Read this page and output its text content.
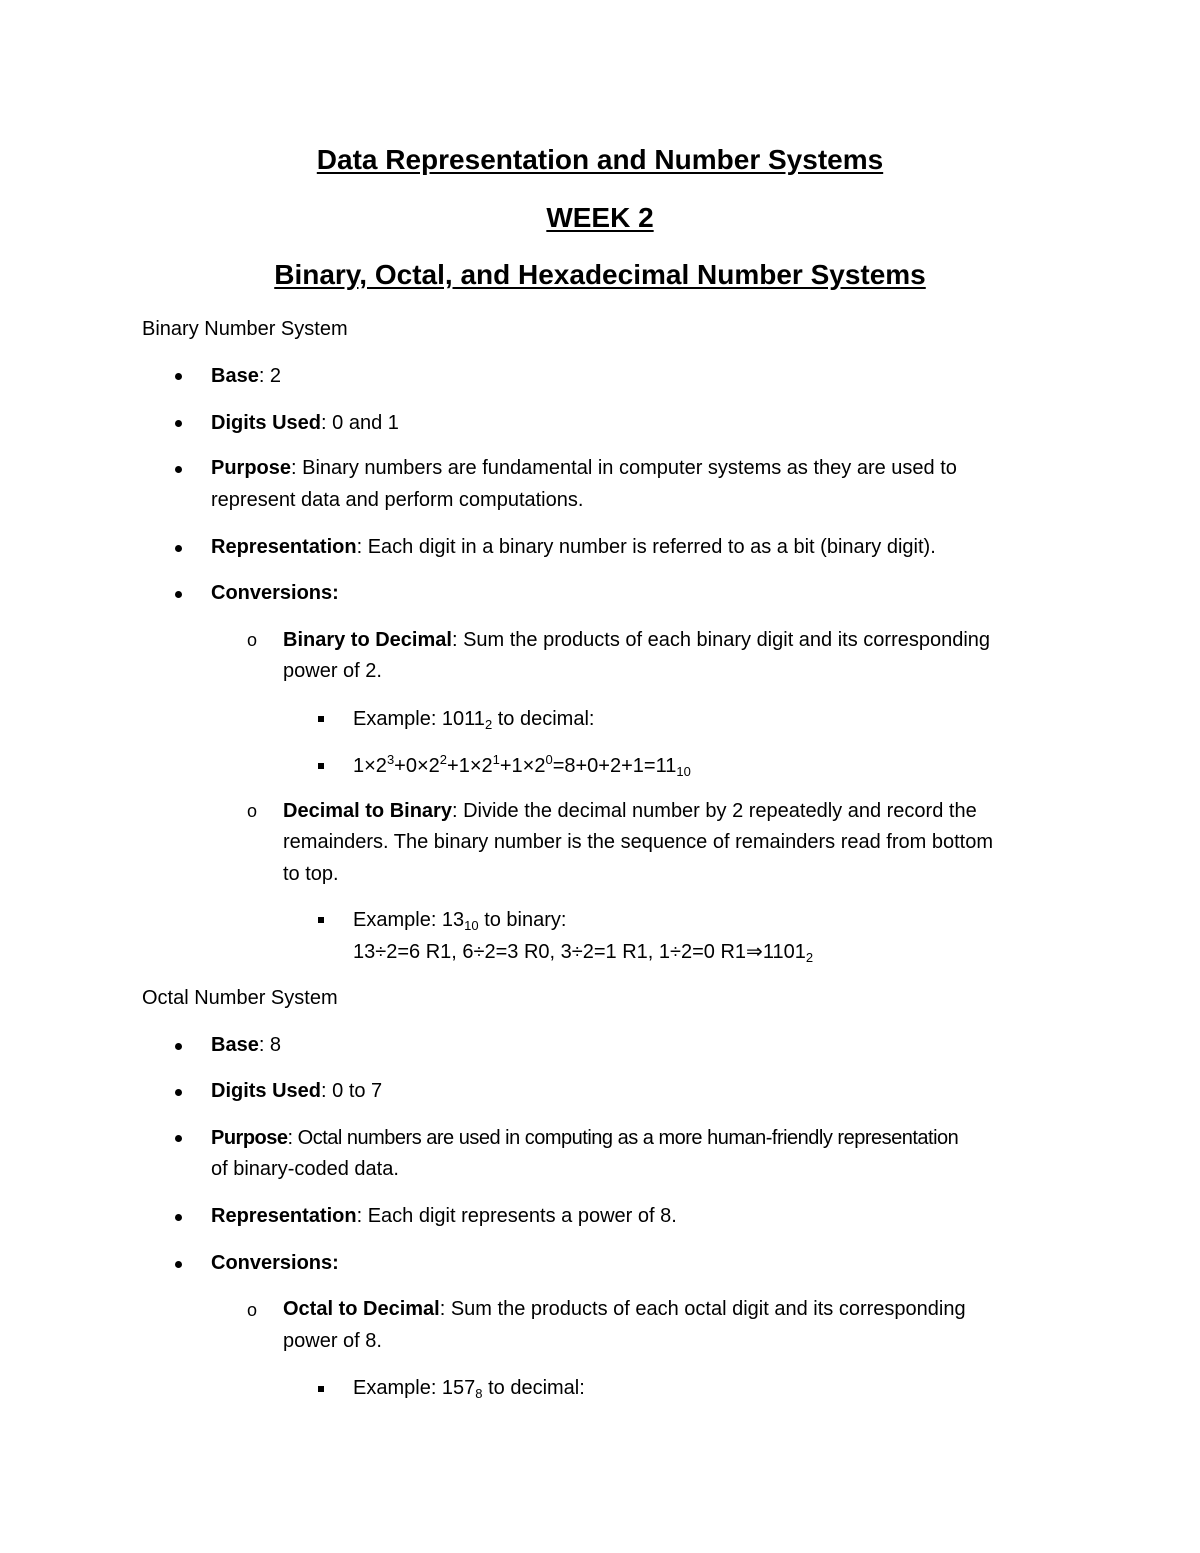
Data Representation and Number Systems
WEEK 2
Binary, Octal, and Hexadecimal Number Systems
Binary Number System
Base: 2
Digits Used: 0 and 1
Purpose: Binary numbers are fundamental in computer systems as they are used to
represent data and perform computations.
Representation: Each digit in a binary number is referred to as a bit (binary digit).
Conversions:
o Binary to Decimal: Sum the products of each binary digit and its corresponding
power of 2.
Example: $1011_2$ to decimal:
$1\times 2^3+0\times 2^2+1\times 2^1+1\times 2^0=8+0+2+1=11_{10}$
o Decimal to Binary: Divide the decimal number by 2 repeatedly and record the
remainders. The binary number is the sequence of remainders read from bottom
to top.
Example: $13_{10}$ to binary:
13÷2=6 R1, 6÷2=3 R0, 3÷2=1 R1, 1÷2=0 $R1\Rightarrow 1101_2$
Octal Number System
Base: 8
Digits Used: 0 to 7
Purpose: Octal numbers are used in computing as a more human-friendly representation
of binary-coded data.
Representation: Each digit represents a power of 8.
Conversions:
o Octal to Decimal: Sum the products of each octal digit and its corresponding
power of 8.
Example: $157_8$ to decimal:
